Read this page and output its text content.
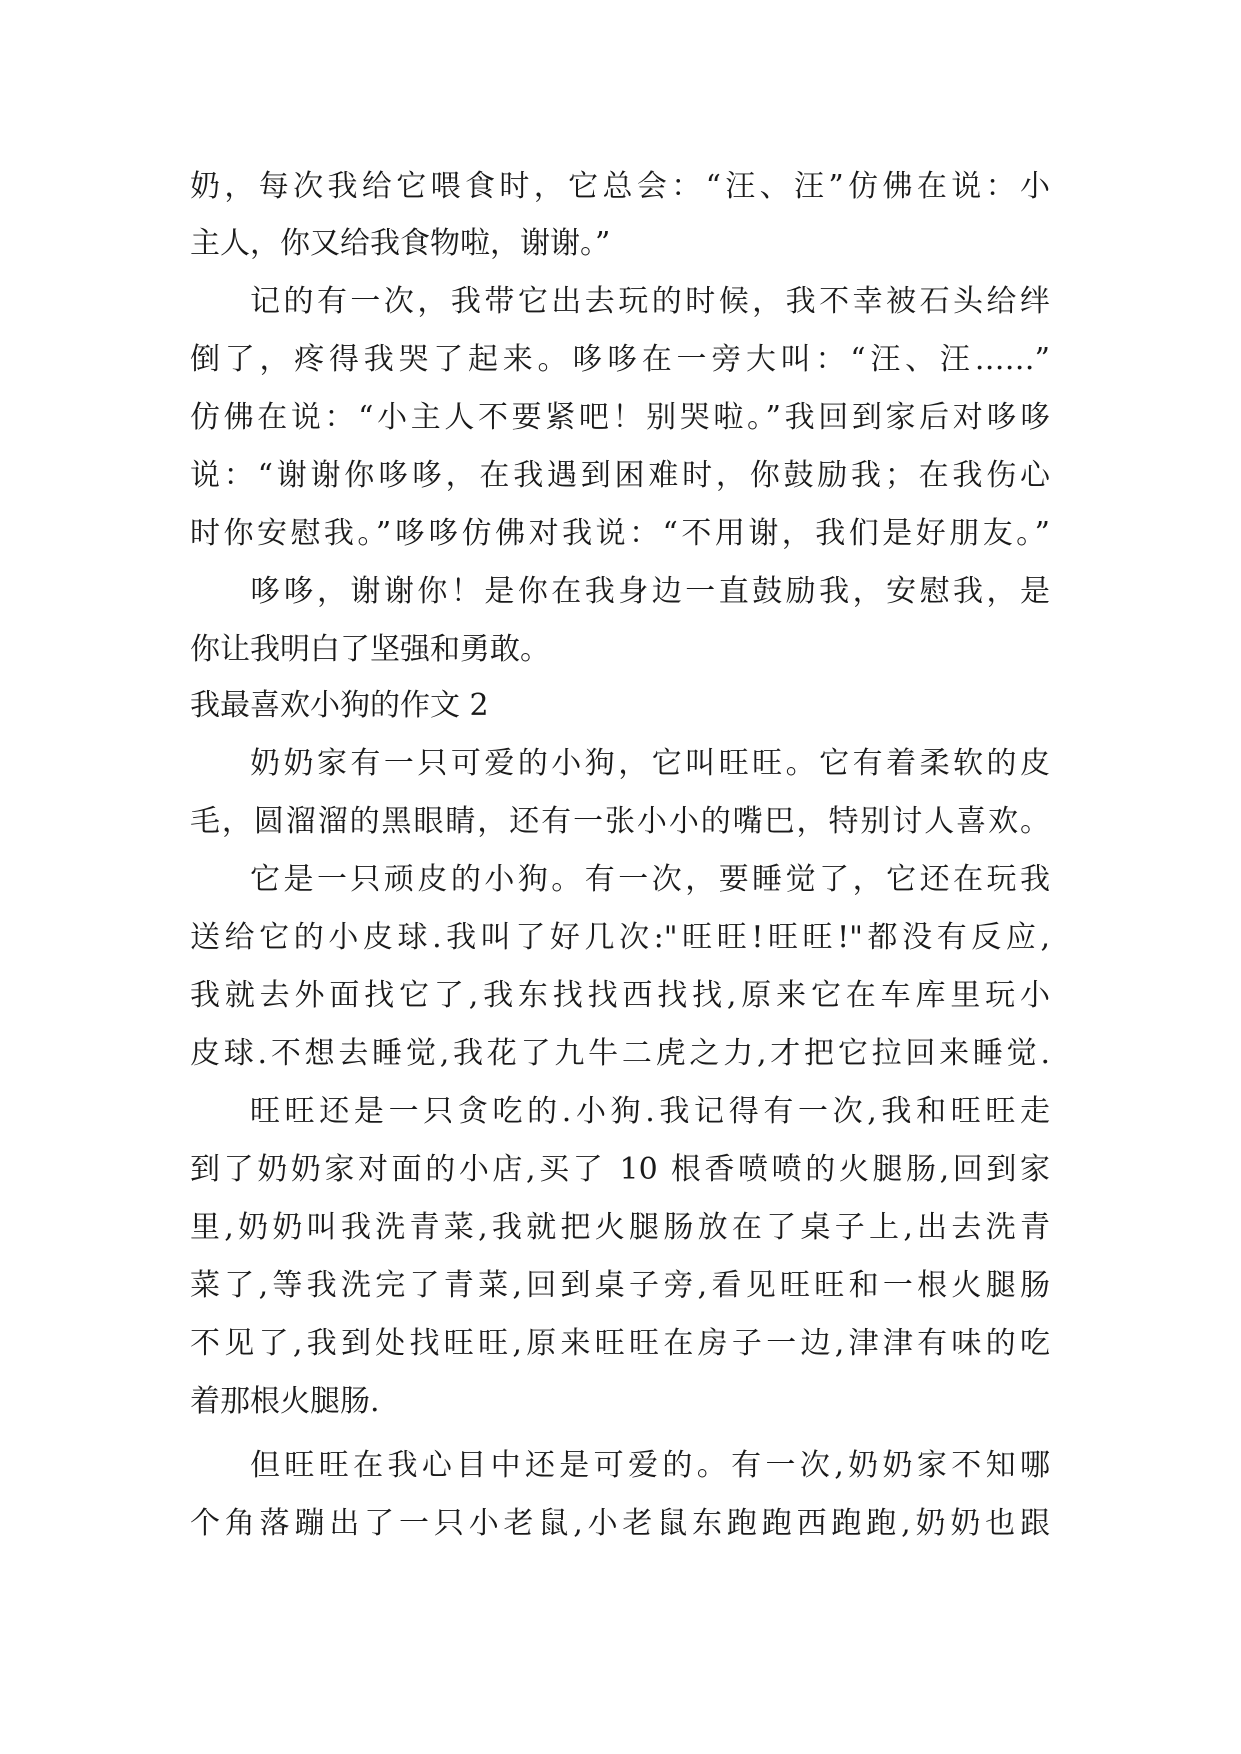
奶，每次我给它喂食时，它总会：“汪、汪”仿佛在说：小
主人，你又给我食物啦，谢谢。”
记的有一次，我带它出去玩的时候，我不幸被石头给绊
倒了，疼得我哭了起来。哆哆在一旁大叫：“汪、汪……”
仿佛在说：“小主人不要紧吧！别哭啦。”我回到家后对哆哆
说：“谢谢你哆哆，在我遇到困难时，你鼓励我；在我伤心
时你安慰我。”哆哆仿佛对我说：“不用谢，我们是好朋友。”
哆哆，谢谢你！是你在我身边一直鼓励我，安慰我，是
你让我明白了坚强和勇敢。
我最喜欢小狗的作文 2
奶奶家有一只可爱的小狗，它叫旺旺。它有着柔软的皮
毛，圆溜溜的黑眼睛，还有一张小小的嘴巴，特别讨人喜欢。
它是一只顽皮的小狗。有一次，要睡觉了，它还在玩我
送给它的小皮球.我叫了好几次:"旺旺!旺旺!"都没有反应,
我就去外面找它了,我东找找西找找,原来它在车库里玩小
皮球.不想去睡觉,我花了九牛二虎之力,才把它拉回来睡觉.
旺旺还是一只贪吃的.小狗.我记得有一次,我和旺旺走
到了奶奶家对面的小店,买了 10 根香喷喷的火腿肠,回到家
里,奶奶叫我洗青菜,我就把火腿肠放在了桌子上,出去洗青
菜了,等我洗完了青菜,回到桌子旁,看见旺旺和一根火腿肠
不见了,我到处找旺旺,原来旺旺在房子一边,津津有味的吃
着那根火腿肠.
但旺旺在我心目中还是可爱的。有一次,奶奶家不知哪
个角落蹦出了一只小老鼠,小老鼠东跑跑西跑跑,奶奶也跟
